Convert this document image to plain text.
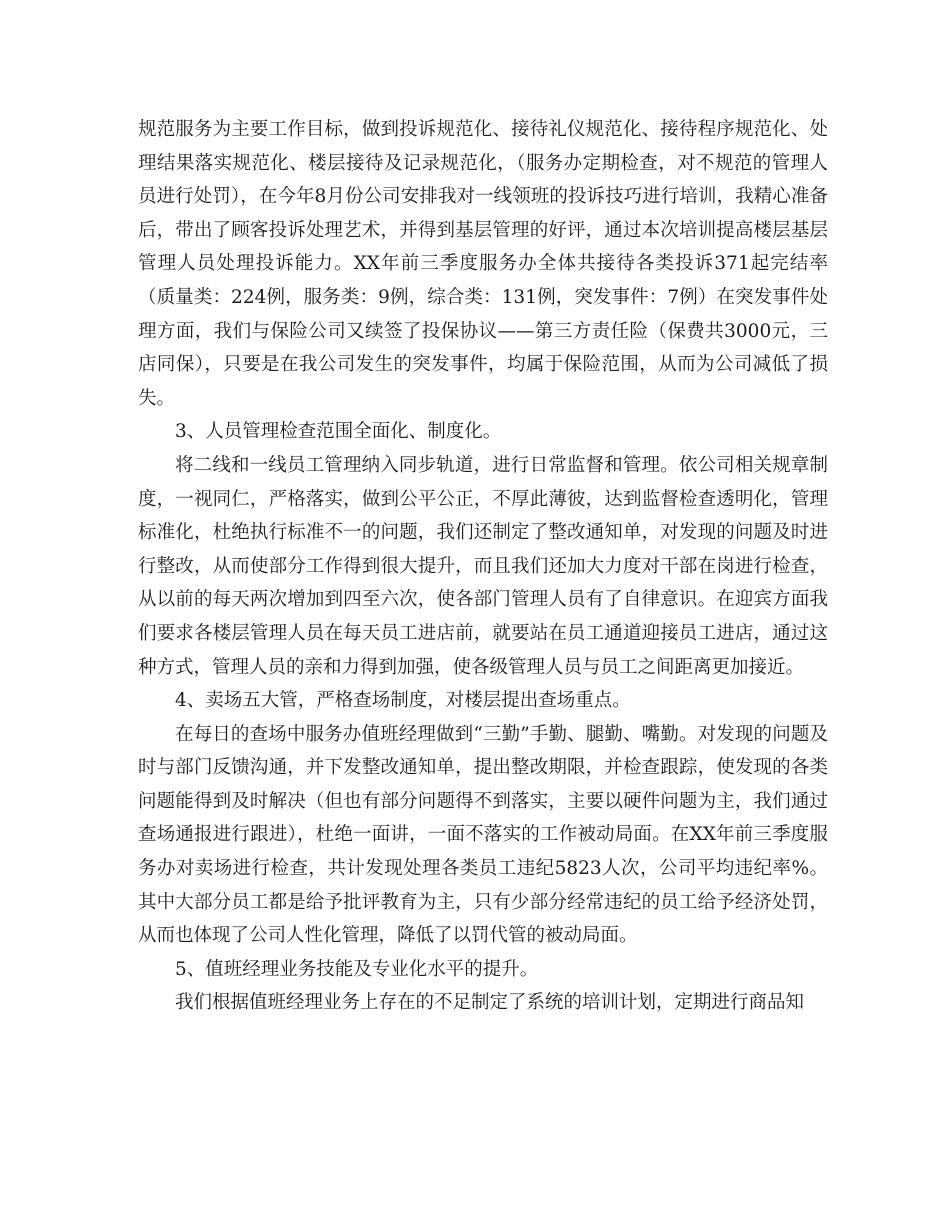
规范服务为主要工作目标，做到投诉规范化、接待礼仪规范化、接待程序规范化、处理结果落实规范化、楼层接待及记录规范化，（服务办定期检查，对不规范的管理人员进行处罚），在今年8月份公司安排我对一线领班的投诉技巧进行培训，我精心准备后，带出了顾客投诉处理艺术，并得到基层管理的好评，通过本次培训提高楼层基层管理人员处理投诉能力。XX年前三季度服务办全体共接待各类投诉371起完结率（质量类：224例，服务类：9例，综合类：131例，突发事件：7例）在突发事件处理方面，我们与保险公司又续签了投保协议——第三方责任险（保费共3000元，三店同保），只要是在我公司发生的突发事件，均属于保险范围，从而为公司减低了损失。

3、人员管理检查范围全面化、制度化。

将二线和一线员工管理纳入同步轨道，进行日常监督和管理。依公司相关规章制度，一视同仁，严格落实，做到公平公正，不厚此薄彼，达到监督检查透明化，管理标准化，杜绝执行标准不一的问题，我们还制定了整改通知单，对发现的问题及时进行整改，从而使部分工作得到很大提升，而且我们还加大力度对干部在岗进行检查，从以前的每天两次增加到四至六次，使各部门管理人员有了自律意识。在迎宾方面我们要求各楼层管理人员在每天员工进店前，就要站在员工通道迎接员工进店，通过这种方式，管理人员的亲和力得到加强，使各级管理人员与员工之间距离更加接近。

4、卖场五大管，严格查场制度，对楼层提出查场重点。

在每日的查场中服务办值班经理做到“三勤”手勤、腿勤、嘴勤。对发现的问题及时与部门反馈沟通，并下发整改通知单，提出整改期限，并检查跟踪，使发现的各类问题能得到及时解决（但也有部分问题得不到落实，主要以硬件问题为主，我们通过查场通报进行跟进），杜绝一面讲，一面不落实的工作被动局面。在XX年前三季度服务办对卖场进行检查，共计发现处理各类员工违纪5823人次，公司平均违纪率%。其中大部分员工都是给予批评教育为主，只有少部分经常违纪的员工给予经济处罚，从而也体现了公司人性化管理，降低了以罚代管的被动局面。

5、值班经理业务技能及专业化水平的提升。

我们根据值班经理业务上存在的不足制定了系统的培训计划，定期进行商品知
